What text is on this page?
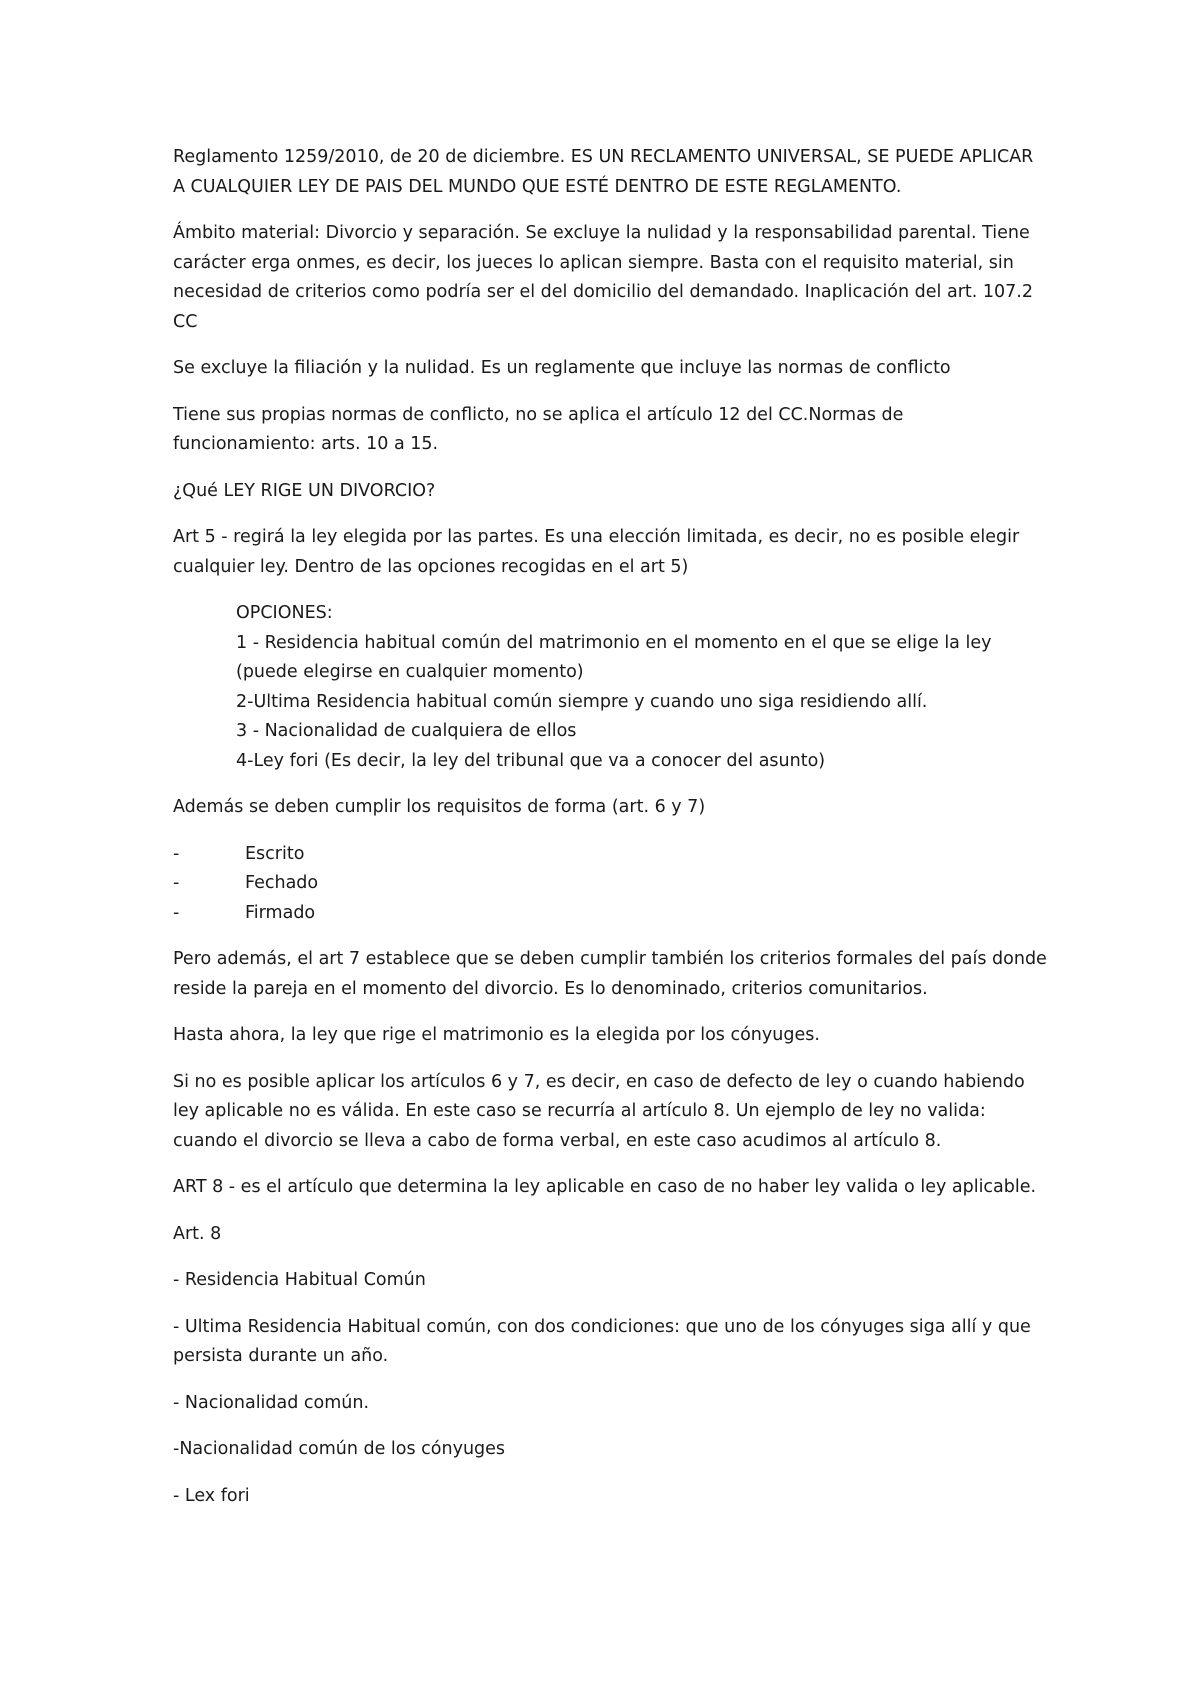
Reglamento 1259/2010, de 20 de diciembre. ES UN RECLAMENTO UNIVERSAL, SE PUEDE APLICAR A CUALQUIER LEY DE PAIS DEL MUNDO QUE ESTÉ DENTRO DE ESTE REGLAMENTO.

Ámbito material: Divorcio y separación. Se excluye la nulidad y la responsabilidad parental. Tiene carácter erga onmes, es decir, los jueces lo aplican siempre. Basta con el requisito material, sin necesidad de criterios como podría ser el del domicilio del demandado. Inaplicación del art. 107.2 CC

Se excluye la filiación y la nulidad. Es un reglamente que incluye las normas de conflicto

Tiene sus propias normas de conflicto, no se aplica el artículo 12 del CC.Normas de funcionamiento: arts. 10 a 15.

¿Qué LEY RIGE UN DIVORCIO?

Art 5 - regirá la ley elegida por las partes. Es una elección limitada, es decir, no es posible elegir cualquier ley. Dentro de las opciones recogidas en el art 5)

OPCIONES:
1 - Residencia habitual común del matrimonio en el momento en el que se elige la ley (puede elegirse en cualquier momento)
2-Ultima Residencia habitual común siempre y cuando uno siga residiendo allí.
3 - Nacionalidad de cualquiera de ellos
4-Ley fori (Es decir, la ley del tribunal que va a conocer del asunto)

Además se deben cumplir los requisitos de forma (art. 6 y 7)

-	Escrito
-	Fechado
-	Firmado

Pero además, el art 7 establece que se deben cumplir también los criterios formales del país donde reside la pareja en el momento del divorcio. Es lo denominado, criterios comunitarios.

Hasta ahora, la ley que rige el matrimonio es la elegida por los cónyuges.

Si no es posible aplicar los artículos 6 y 7, es decir, en caso de defecto de ley o cuando habiendo ley aplicable no es válida. En este caso se recurría al artículo 8. Un ejemplo de ley no valida: cuando el divorcio se lleva a cabo de forma verbal, en este caso acudimos al artículo 8.

ART 8 - es el artículo que determina la ley aplicable en caso de no haber ley valida o ley aplicable.

Art. 8

- Residencia Habitual Común

- Ultima Residencia Habitual común, con dos condiciones: que uno de los cónyuges siga allí y que persista durante un año.

- Nacionalidad común.

-Nacionalidad común de los cónyuges

- Lex fori
